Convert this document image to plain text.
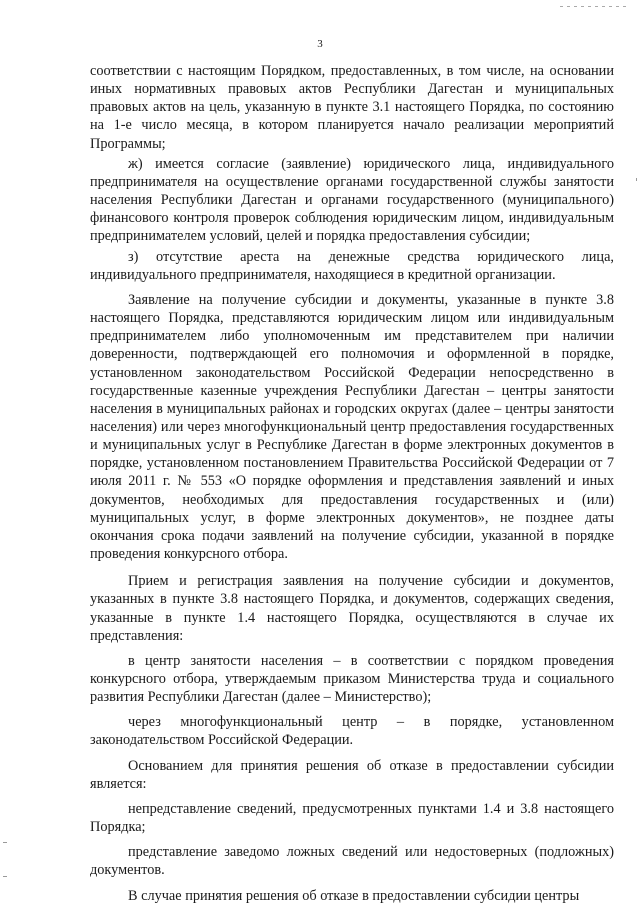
3

соответствии с настоящим Порядком, предоставленных, в том числе, на основании иных нормативных правовых актов Республики Дагестан и муниципальных правовых актов на цель, указанную в пункте 3.1 настоящего Порядка, по состоянию на 1-е число месяца, в котором планируется начало реализации мероприятий Программы;

ж) имеется согласие (заявление) юридического лица, индивидуального предпринимателя на осуществление органами государственной службы занятости населения Республики Дагестан и органами государственного (муниципального) финансового контроля проверок соблюдения юридическим лицом, индивидуальным предпринимателем условий, целей и порядка предоставления субсидии;

з) отсутствие ареста на денежные средства юридического лица, индивидуального предпринимателя, находящиеся в кредитной организации.

Заявление на получение субсидии и документы, указанные в пункте 3.8 настоящего Порядка, представляются юридическим лицом или индивидуальным предпринимателем либо уполномоченным им представителем при наличии доверенности, подтверждающей его полномочия и оформленной в порядке, установленном законодательством Российской Федерации непосредственно в государственные казенные учреждения Республики Дагестан – центры занятости населения в муниципальных районах и городских округах (далее – центры занятости населения) или через многофункциональный центр предоставления государственных и муниципальных услуг в Республике Дагестан в форме электронных документов в порядке, установленном постановлением Правительства Российской Федерации от 7 июля 2011 г. № 553 «О порядке оформления и представления заявлений и иных документов, необходимых для предоставления государственных и (или) муниципальных услуг, в форме электронных документов», не позднее даты окончания срока подачи заявлений на получение субсидии, указанной в порядке проведения конкурсного отбора.

Прием и регистрация заявления на получение субсидии и документов, указанных в пункте 3.8 настоящего Порядка, и документов, содержащих сведения, указанные в пункте 1.4 настоящего Порядка, осуществляются в случае их представления:

в центр занятости населения – в соответствии с порядком проведения конкурсного отбора, утверждаемым приказом Министерства труда и социального развития Республики Дагестан (далее – Министерство);

через многофункциональный центр – в порядке, установленном законодательством Российской Федерации.

Основанием для принятия решения об отказе в предоставлении субсидии является:

непредставление сведений, предусмотренных пунктами 1.4 и 3.8 настоящего Порядка;

представление заведомо ложных сведений или недостоверных (подложных) документов.

В случае принятия решения об отказе в предоставлении субсидии центры
